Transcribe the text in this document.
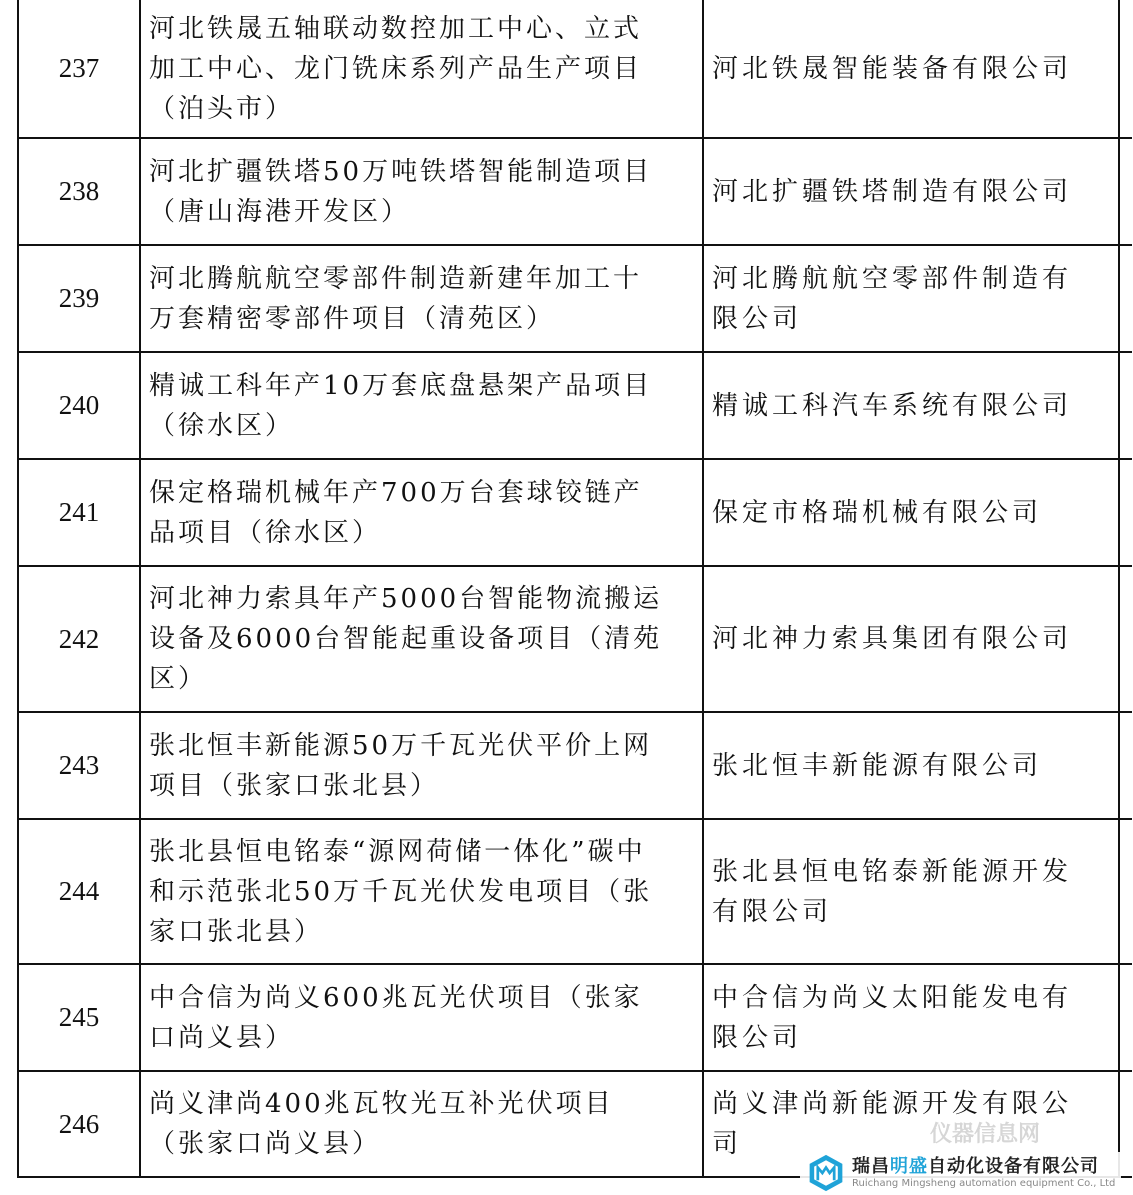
237	河北铁晟五轴联动数控加工中心、立式
加工中心、龙门铣床系列产品生产项目
（泊头市）	河北铁晟智能装备有限公司	

238	河北扩疆铁塔50万吨铁塔智能制造项目
（唐山海港开发区）	河北扩疆铁塔制造有限公司	

239	河北腾航航空零部件制造新建年加工十
万套精密零部件项目（清苑区）	河北腾航航空零部件制造有
限公司	

240	精诚工科年产10万套底盘悬架产品项目
（徐水区）	精诚工科汽车系统有限公司	

241	保定格瑞机械年产700万台套球铰链产
品项目（徐水区）	保定市格瑞机械有限公司	

242	河北神力索具年产5000台智能物流搬运
设备及6000台智能起重设备项目（清苑
区）	河北神力索具集团有限公司	

243	张北恒丰新能源50万千瓦光伏平价上网
项目（张家口张北县）	张北恒丰新能源有限公司	

244	张北县恒电铭泰“源网荷储一体化”碳中
和示范张北50万千瓦光伏发电项目（张
家口张北县）	张北县恒电铭泰新能源开发
有限公司	

245	中合信为尚义600兆瓦光伏项目（张家
口尚义县）	中合信为尚义太阳能发电有
限公司	

246	尚义津尚400兆瓦牧光互补光伏项目
（张家口尚义县）	尚义津尚新能源开发有限公
司	
		仪器信息网
瑞昌明盛自动化设备有限公司
Ruichang Mingsheng automation equipment Co., Ltd
